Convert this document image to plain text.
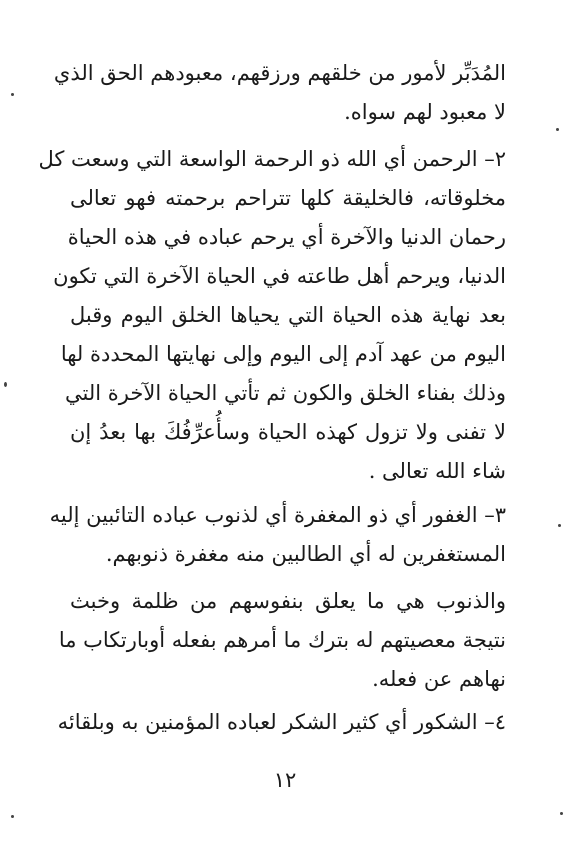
المُدَبِّر لأمور من خلقهم ورزقهم، معبودهم الحق الذي
لا معبود لهم سواه.
٢– الرحمن أي الله ذو الرحمة الواسعة التي وسعت كل
مخلوقاته، فالخليقة كلها تتراحم برحمته فهو تعالى
رحمان الدنيا والآخرة أي يرحم عباده في هذه الحياة
الدنيا، ويرحم أهل طاعته في الحياة الآخرة التي تكون
بعد نهاية هذه الحياة التي يحياها الخلق اليوم وقبل
اليوم من عهد آدم إلى اليوم وإلى نهايتها المحددة لها
وذلك بفناء الخلق والكون ثم تأتي الحياة الآخرة التي
لا تفنى ولا تزول كهذه الحياة وسأُعرِّفُكَ بها بعدُ إن
شاء الله تعالى .
٣– الغفور أي ذو المغفرة أي لذنوب عباده التائبين إليه
المستغفرين له أي الطالبين منه مغفرة ذنوبهم.
والذنوب هي ما يعلق بنفوسهم من ظلمة وخبث
نتيجة معصيتهم له بترك ما أمرهم بفعله أوبارتكاب ما
نهاهم عن فعله.
٤– الشكور أي كثير الشكر لعباده المؤمنين به وبلقائه
١٢
